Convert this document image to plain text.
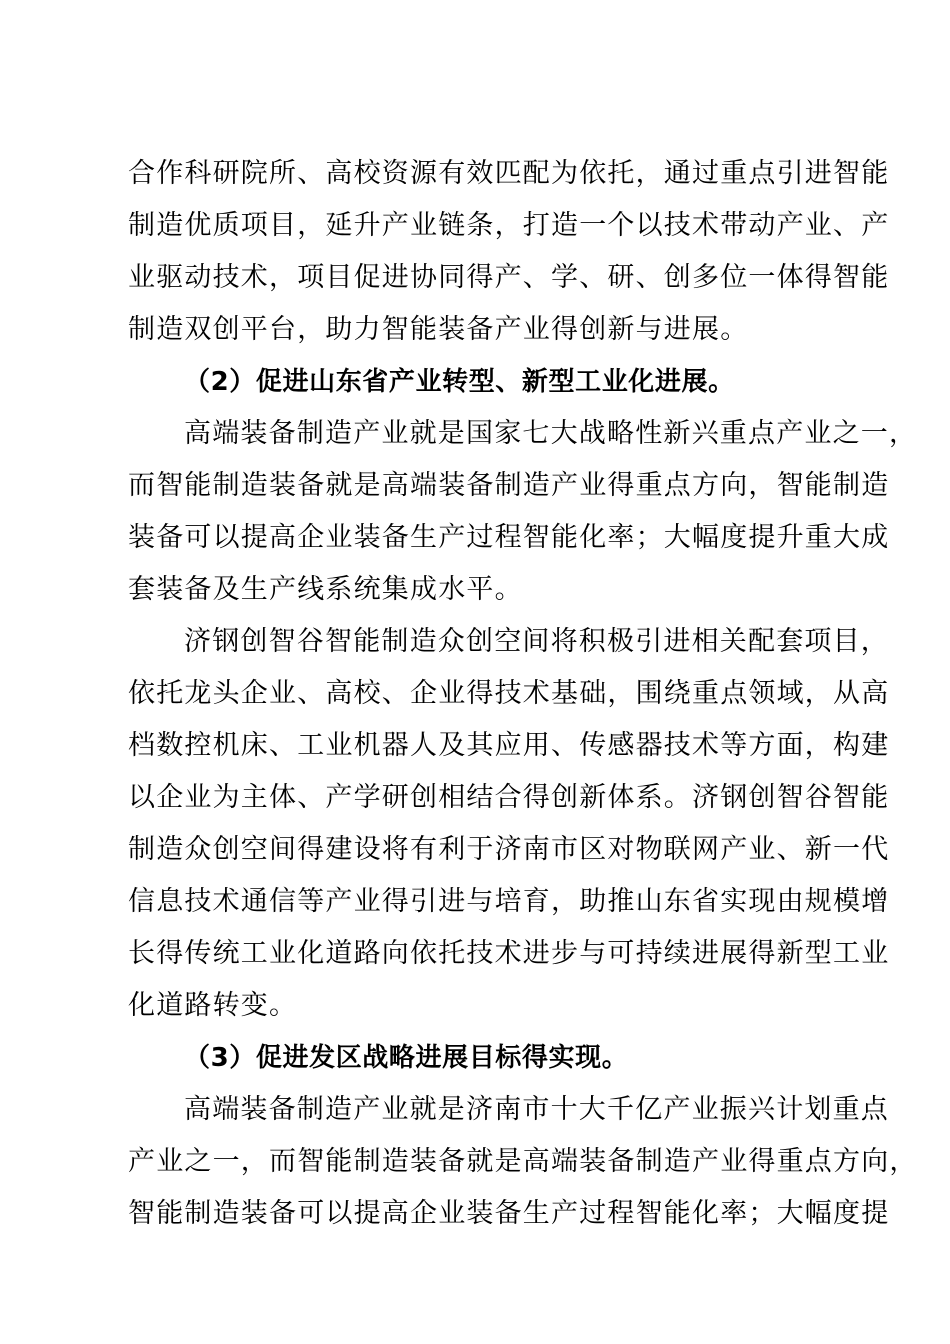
合作科研院所、高校资源有效匹配为依托，通过重点引进智能
制造优质项目，延升产业链条，打造一个以技术带动产业、产
业驱动技术，项目促进协同得产、学、研、创多位一体得智能
制造双创平台，助力智能装备产业得创新与进展。
（2）促进山东省产业转型、新型工业化进展。
高端装备制造产业就是国家七大战略性新兴重点产业之一，
而智能制造装备就是高端装备制造产业得重点方向，智能制造
装备可以提高企业装备生产过程智能化率；大幅度提升重大成
套装备及生产线系统集成水平。
济钢创智谷智能制造众创空间将积极引进相关配套项目，
依托龙头企业、高校、企业得技术基础，围绕重点领域，从高
档数控机床、工业机器人及其应用、传感器技术等方面，构建
以企业为主体、产学研创相结合得创新体系。济钢创智谷智能
制造众创空间得建设将有利于济南市区对物联网产业、新一代
信息技术通信等产业得引进与培育，助推山东省实现由规模增
长得传统工业化道路向依托技术进步与可持续进展得新型工业
化道路转变。
（3）促进发区战略进展目标得实现。
高端装备制造产业就是济南市十大千亿产业振兴计划重点
产业之一，而智能制造装备就是高端装备制造产业得重点方向，
智能制造装备可以提高企业装备生产过程智能化率；大幅度提
